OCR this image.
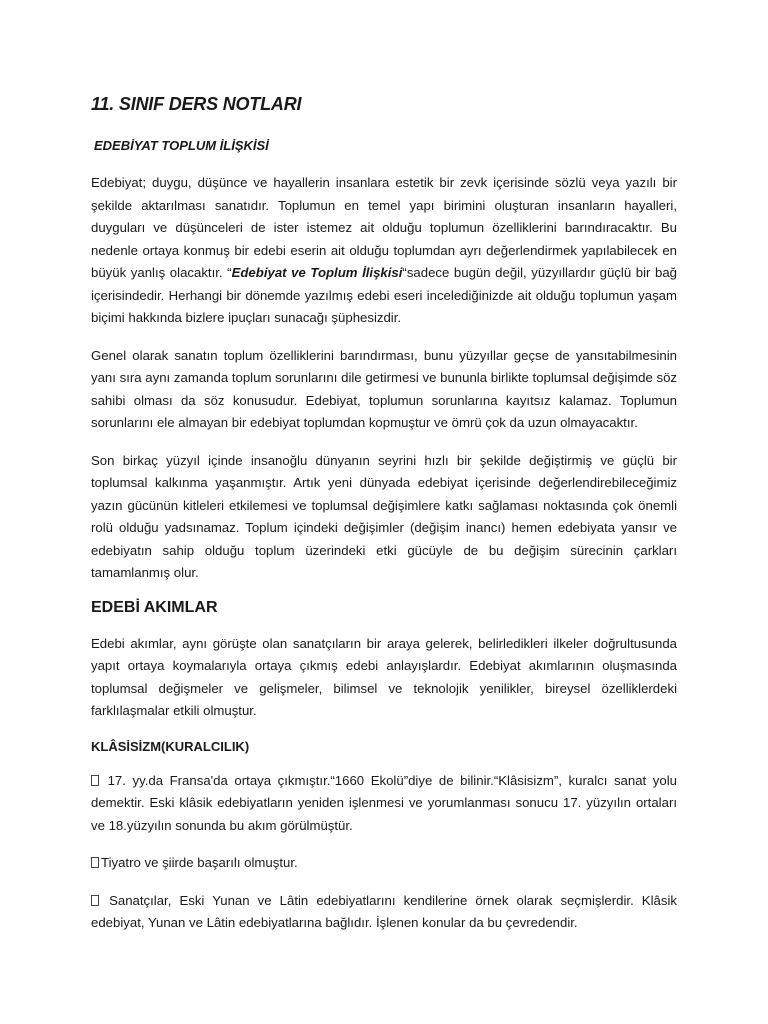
11. SINIF DERS NOTLARI
EDEBİYAT TOPLUM İLİŞKİSİ

Edebiyat; duygu, düşünce ve hayallerin insanlara estetik bir zevk içerisinde sözlü veya yazılı bir şekilde aktarılması sanatıdır. Toplumun en temel yapı birimini oluşturan insanların hayalleri, duyguları ve düşünceleri de ister istemez ait olduğu toplumun özelliklerini barındıracaktır. Bu nedenle ortaya konmuş bir edebi eserin ait olduğu toplumdan ayrı değerlendirmek yapılabilecek en büyük yanlış olacaktır. “Edebiyat ve Toplum İlişkisi“sadece bugün değil, yüzyıllardır güçlü bir bağ içerisindedir. Herhangi bir dönemde yazılmış edebi eseri incelediğinizde ait olduğu toplumun yaşam biçimi hakkında bizlere ipuçları sunacağı şüphesizdir.

Genel olarak sanatın toplum özelliklerini barındırması, bunu yüzyıllar geçse de yansıtabilmesinin yanı sıra aynı zamanda toplum sorunlarını dile getirmesi ve bununla birlikte toplumsal değişimde söz sahibi olması da söz konusudur. Edebiyat, toplumun sorunlarına kayıtsız kalamaz. Toplumun sorunlarını ele almayan bir edebiyat toplumdan kopmuştur ve ömrü çok da uzun olmayacaktır.

Son birkaç yüzyıl içinde insanoğlu dünyanın seyrini hızlı bir şekilde değiştirmiş ve güçlü bir toplumsal kalkınma yaşanmıştır. Artık yeni dünyada edebiyat içerisinde değerlendirebileceğimiz yazın gücünün kitleleri etkilemesi ve toplumsal değişimlere katkı sağlaması noktasında çok önemli rolü olduğu yadsınamaz. Toplum içindeki değişimler (değişim inancı) hemen edebiyata yansır ve edebiyatın sahip olduğu toplum üzerindeki etki gücüyle de bu değişim sürecinin çarkları tamamlanmış olur.

EDEBİ AKIMLAR

Edebi akımlar, aynı görüşte olan sanatçıların bir araya gelerek, belirledikleri ilkeler doğrultusunda yapıt ortaya koymalarıyla ortaya çıkmış edebi anlayışlardır. Edebiyat akımlarının oluşmasında toplumsal değişmeler ve gelişmeler, bilimsel ve teknolojik yenilikler, bireysel özelliklerdeki farklılaşmalar etkili olmuştur.

KLÂSİSİZM(KURALCILIK)

17. yy.da Fransa'da ortaya çıkmıştır.“1660 Ekolü”diye de bilinir.“Klâsisizm”, kuralcı sanat yolu demektir. Eski klâsik edebiyatların yeniden işlenmesi ve yorumlanması sonucu 17. yüzyılın ortaları ve 18.yüzyılın sonunda bu akım görülmüştür.

Tiyatro ve şiirde başarılı olmuştur.

Sanatçılar, Eski Yunan ve Lâtin edebiyatlarını kendilerine örnek olarak seçmişlerdir. Klâsik edebiyat, Yunan ve Lâtin edebiyatlarına bağlıdır. İşlenen konular da bu çevredendir.
